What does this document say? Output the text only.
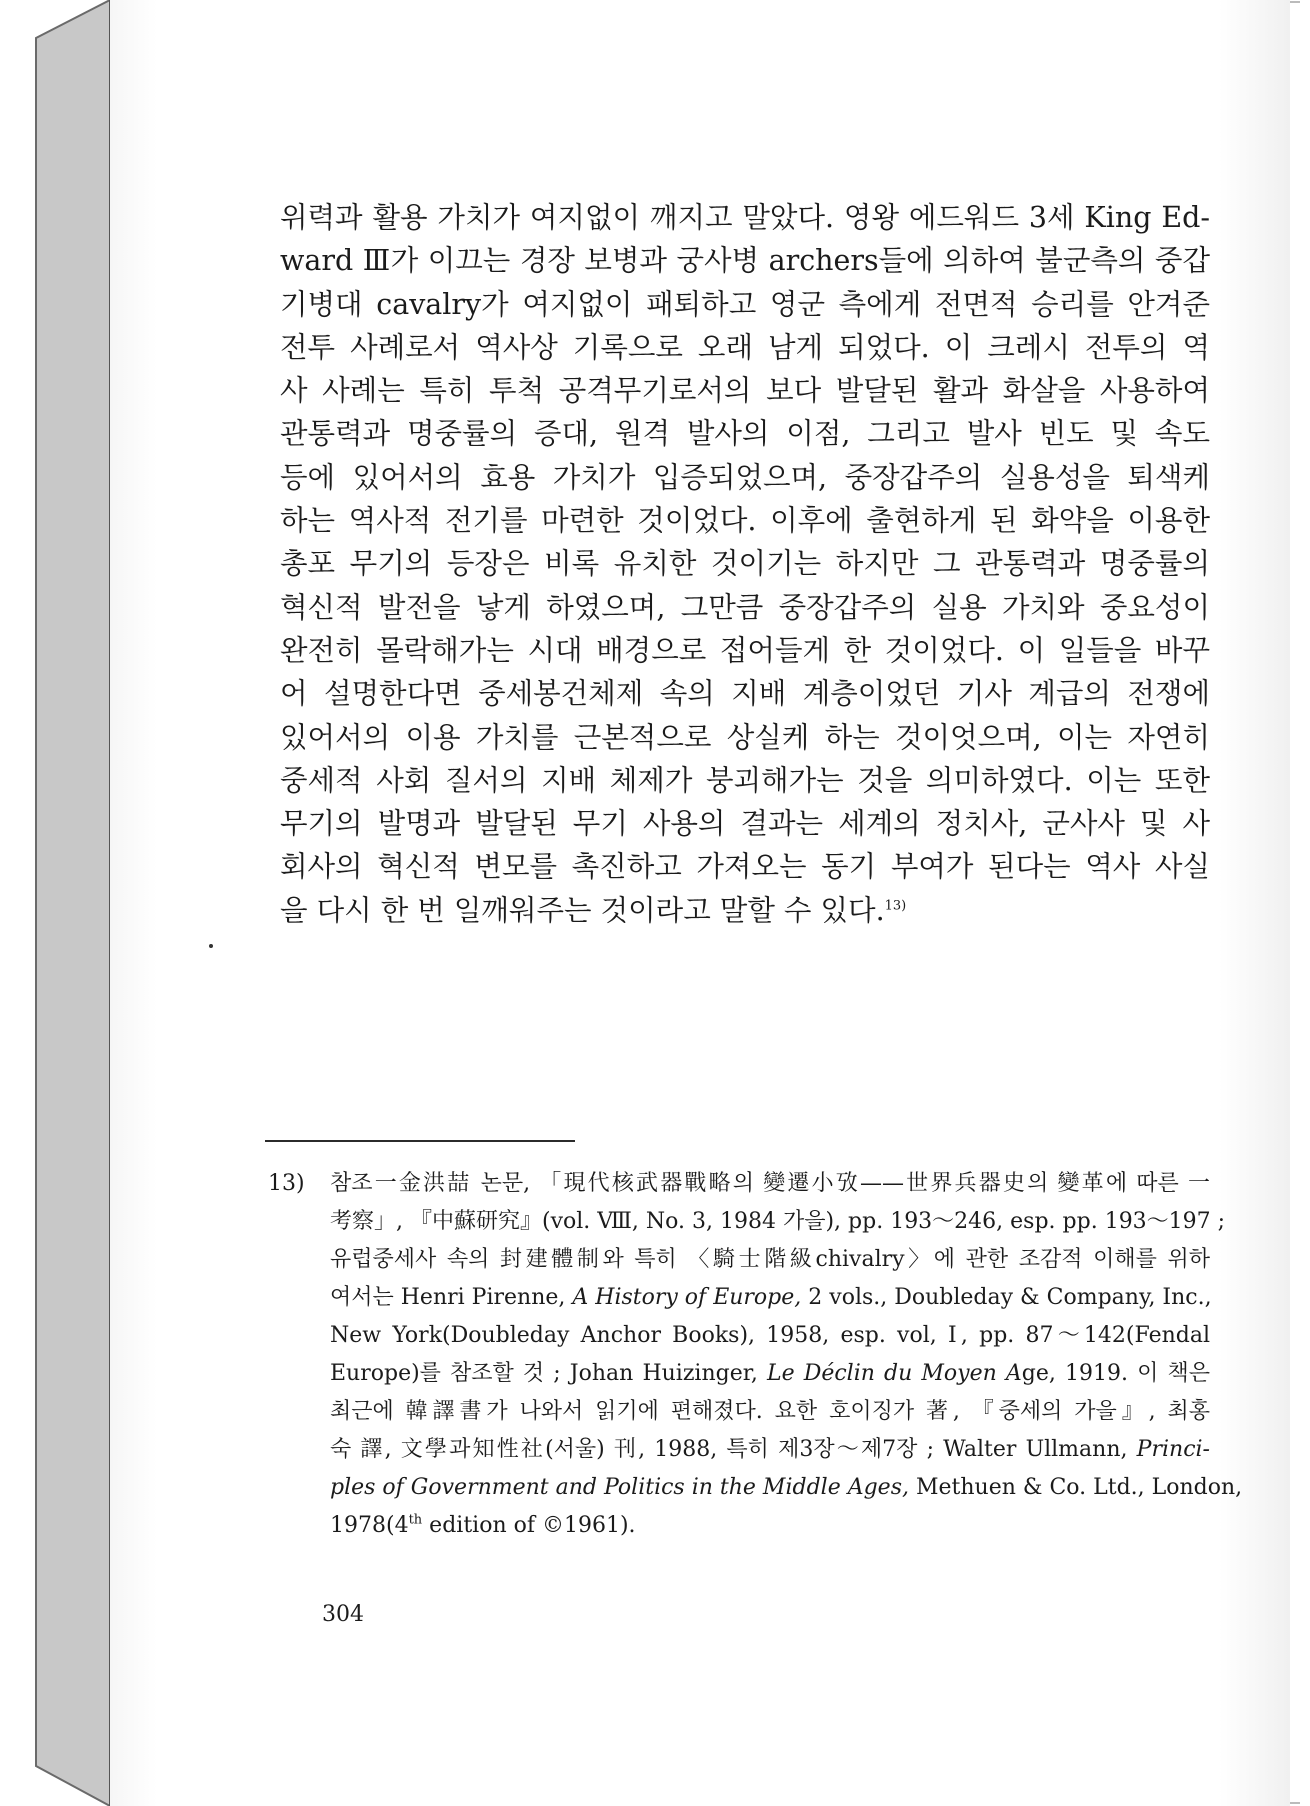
위력과 활용 가치가 여지없이 깨지고 말았다. 영왕 에드워드 3세 King Ed-
ward Ⅲ가 이끄는 경장 보병과 궁사병 archers들에 의하여 불군측의 중갑
기병대 cavalry가 여지없이 패퇴하고 영군 측에게 전면적 승리를 안겨준
전투 사례로서 역사상 기록으로 오래 남게 되었다. 이 크레시 전투의 역
사 사례는 특히 투척 공격무기로서의 보다 발달된 활과 화살을 사용하여
관통력과 명중률의 증대, 원격 발사의 이점, 그리고 발사 빈도 및 속도
등에 있어서의 효용 가치가 입증되었으며, 중장갑주의 실용성을 퇴색케
하는 역사적 전기를 마련한 것이었다. 이후에 출현하게 된 화약을 이용한
총포 무기의 등장은 비록 유치한 것이기는 하지만 그 관통력과 명중률의
혁신적 발전을 낳게 하였으며, 그만큼 중장갑주의 실용 가치와 중요성이
완전히 몰락해가는 시대 배경으로 접어들게 한 것이었다. 이 일들을 바꾸
어 설명한다면 중세봉건체제 속의 지배 계층이었던 기사 계급의 전쟁에
있어서의 이용 가치를 근본적으로 상실케 하는 것이엇으며, 이는 자연히
중세적 사회 질서의 지배 체제가 붕괴해가는 것을 의미하였다. 이는 또한
무기의 발명과 발달된 무기 사용의 결과는 세계의 정치사, 군사사 및 사
회사의 혁신적 변모를 촉진하고 가져오는 동기 부여가 된다는 역사 사실
을 다시 한 번 일깨워주는 것이라고 말할 수 있다.$^{13)}$
13)	참조一金洪喆 논문, 「現代核武器戰略의 變遷小攷——世界兵器史의 變革에 따른 一
考察」, 『中蘇研究』(vol. Ⅷ, No. 3, 1984 가을), pp. 193～246, esp. pp. 193～197 ;
유럽중세사 속의 封建體制와 특히 〈騎士階級chivalry〉에 관한 조감적 이해를 위하
여서는 Henri Pirenne, A History of Europe, 2 vols., Doubleday & Company, Inc.,
New York(Doubleday Anchor Books), 1958, esp. vol, Ⅰ, pp. 87～142(Fendal
Europe)를 참조할 것 ; Johan Huizinger, Le Déclin du Moyen Age, 1919. 이 책은
최근에 韓譯書가 나와서 읽기에 편해졌다. 요한 호이징가 著, 『중세의 가을』, 최홍
숙 譯, 文學과知性社(서울) 刊, 1988, 특히 제3장～제7장 ; Walter Ullmann, Princi-
ples of Government and Politics in the Middle Ages, Methuen & Co. Ltd., London,
1978(4th edition of ©1961).
304
